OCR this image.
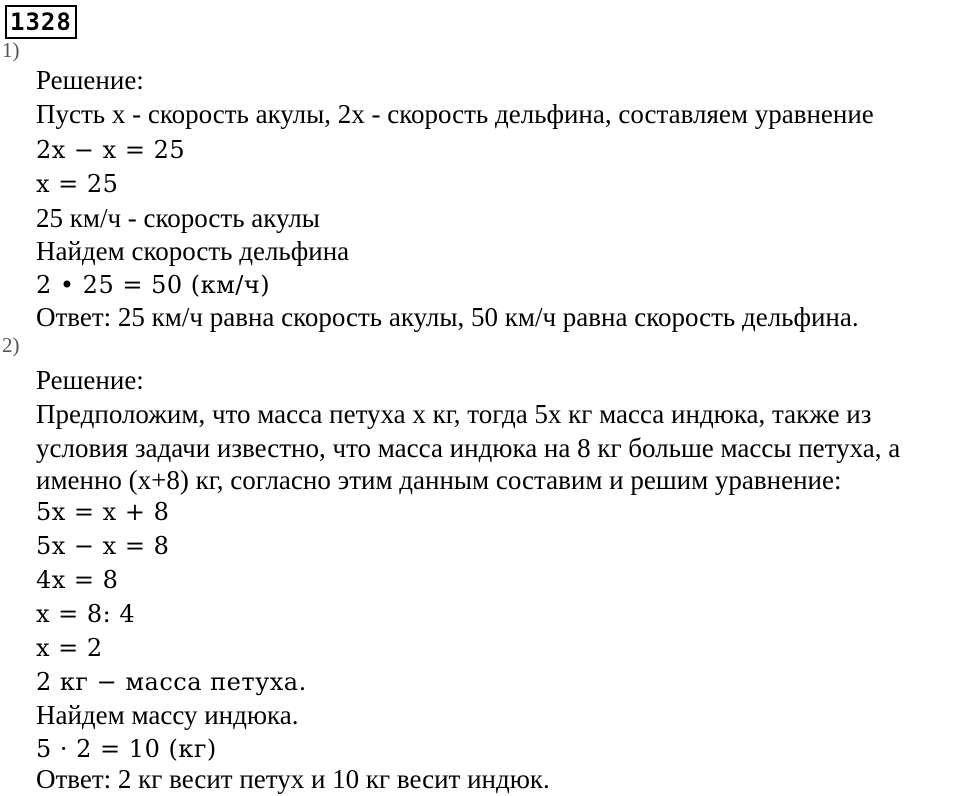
1328
1)
Решение:
Пусть x - скорость акулы, 2x - скорость дельфина, составляем уравнение
2x − x = 25
x = 25
25 км/ч - скорость акулы
Найдем скорость дельфина
2 • 25 = 50 (км/ч)
Ответ: 25 км/ч равна скорость акулы, 50 км/ч равна скорость дельфина.
2)
Решение:
Предположим, что масса петуха x кг, тогда 5x кг масса индюка, также из
условия задачи известно, что масса индюка на 8 кг больше массы петуха, а
именно (x+8) кг, согласно этим данным составим и решим уравнение:
5x = x + 8
5x − x = 8
4x = 8
x = 8: 4
x = 2
2 кг − масса петуха.
Найдем массу индюка.
5 · 2 = 10 (кг)
Ответ: 2 кг весит петух и 10 кг весит индюк.
